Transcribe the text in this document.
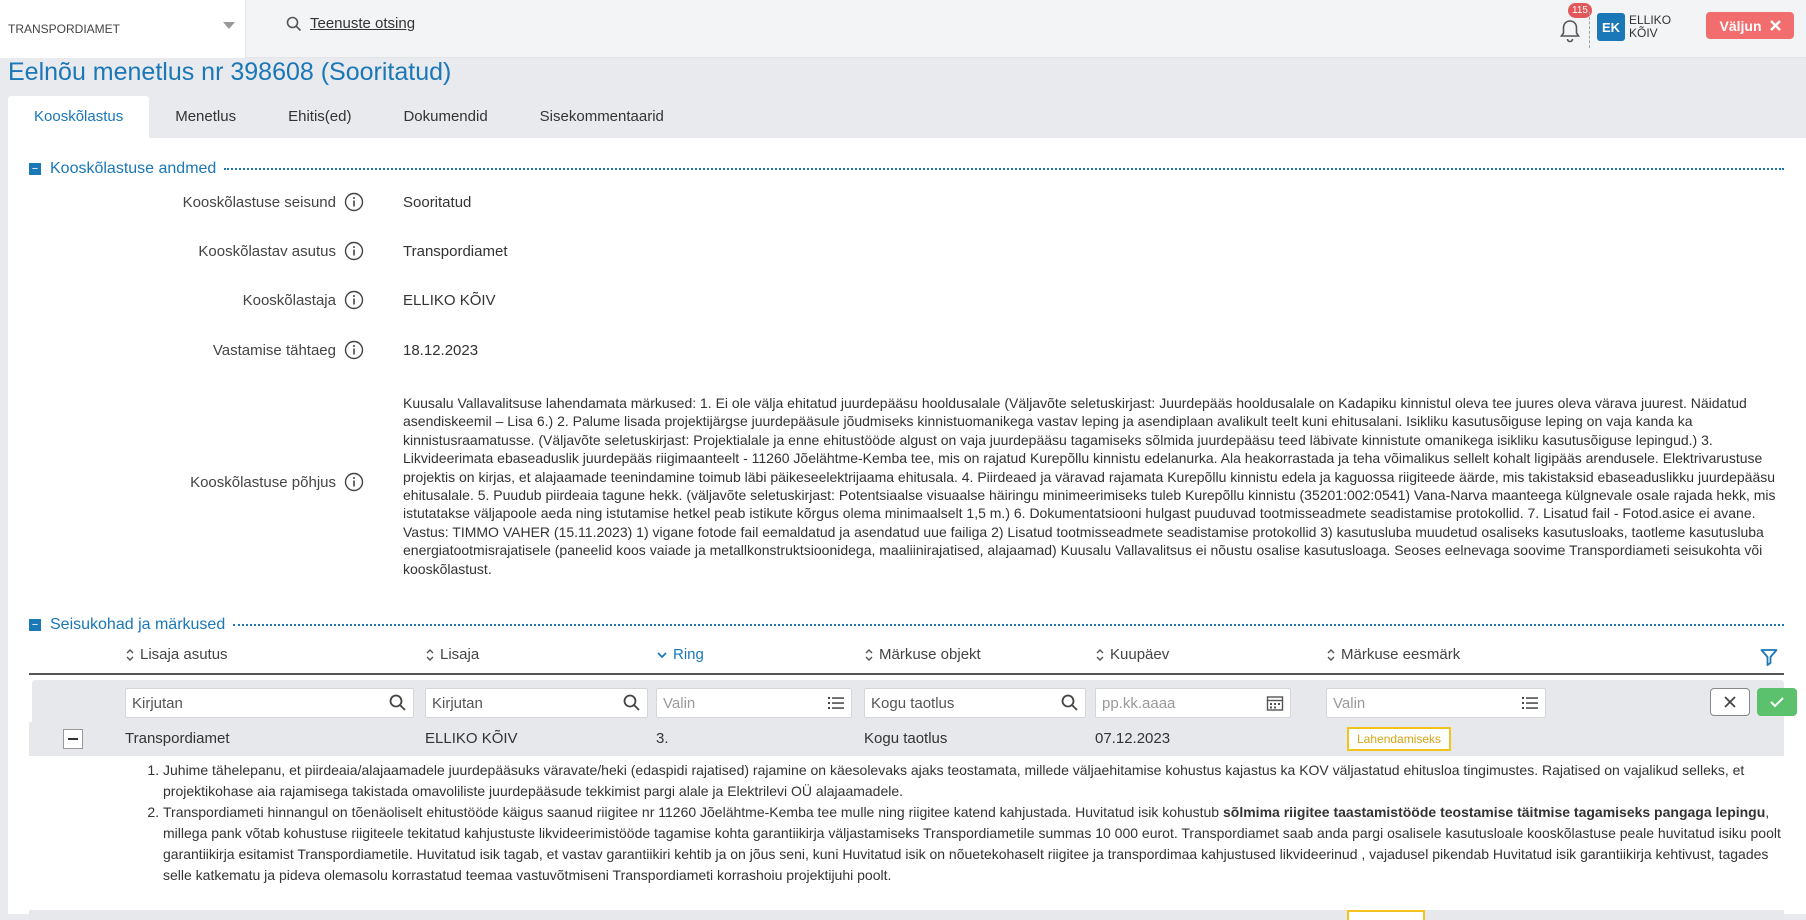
TRANSPORDIAMET	Teenuste otsing
115
EK ELLIKO KÕIV	Väljun
Eelnõu menetlus nr 398608 (Sooritatud)
Kooskõlastus	Menetlus	Ehitis(ed)	Dokumendid	Sisekommentaarid
− Kooskõlastuse andmed
Kooskõlastuse seisund	Sooritatud
Kooskõlastav asutus	Transpordiamet
Kooskõlastaja	ELLIKO KÕIV
Vastamise tähtaeg	18.12.2023
Kooskõlastuse põhjus
Kuusalu Vallavalitsuse lahendamata märkused: 1. Ei ole välja ehitatud juurdepääsu hooldusalale (Väljavõte seletuskirjast: Juurdepääs hooldusalale on Kadapiku kinnistul oleva tee juures oleva värava juurest. Näidatud asendiskeemil – Lisa 6.) 2. Palume lisada projektijärgse juurdepääsule jõudmiseks kinnistuomanikega vastav leping ja asendiplaan avalikult teelt kuni ehitusalani. Isikliku kasutusõiguse leping on vaja kanda ka kinnistusraamatusse. (Väljavõte seletuskirjast: Projektialale ja enne ehitustööde algust on vaja juurdepääsu tagamiseks sõlmida juurdepääsu teed läbivate kinnistute omanikega isikliku kasutusõiguse lepingud.) 3. Likvideerimata ebaseaduslik juurdepääs riigimaanteelt - 11260 Jõelähtme-Kemba tee, mis on rajatud Kurepõllu kinnistu edelanurka. Ala heakorrastada ja teha võimalikus sellelt kohalt ligipääs arendusele. Elektrivarustuse projektis on kirjas, et alajaamade teenindamine toimub läbi päikeseelektrijaama ehitusala. 4. Piirdeaed ja väravad rajamata Kurepõllu kinnistu edela ja kaguossa riigiteede äärde, mis takistaksid ebaseaduslikku juurdepääsu ehitusalale. 5. Puudub piirdeaia tagune hekk. (väljavõte seletuskirjast: Potentsiaalse visuaalse häiringu minimeerimiseks tuleb Kurepõllu kinnistu (35201:002:0541) Vana-Narva maanteega külgnevale osale rajada hekk, mis istutatakse väljapoole aeda ning istutamise hetkel peab istikute kõrgus olema minimaalselt 1,5 m.) 6. Dokumentatsiooni hulgast puuduvad tootmisseadmete seadistamise protokollid. 7. Lisatud fail - Fotod.asice ei avane. Vastus: TIMMO VAHER (15.11.2023) 1) vigane fotode fail eemaldatud ja asendatud uue failiga 2) Lisatud tootmisseadmete seadistamise protokollid 3) kasutusluba muudetud osaliseks kasutusloaks, taotleme kasutusluba energiatootmisrajatisele (paneelid koos vaiade ja metallkonstruktsioonidega, maaliinirajatised, alajaamad) Kuusalu Vallavalitsus ei nõustu osalise kasutusloaga. Seoses eelnevaga soovime Transpordiameti seisukohta või kooskõlastust.
− Seisukohad ja märkused
Lisaja asutus	Lisaja	Ring	Märkuse objekt	Kuupäev	Märkuse eesmärk
Kirjutan	Kirjutan	Valin	Kogu taotlus	pp.kk.aaaa	Valin
Transpordiamet	ELLIKO KÕIV	3.	Kogu taotlus	07.12.2023	Lahendamiseks
1. Juhime tähelepanu, et piirdeaia/alajaamadele juurdepääsuks väravate/heki (edaspidi rajatised) rajamine on käesolevaks ajaks teostamata, millede väljaehitamise kohustus kajastus ka KOV väljastatud ehitusloa tingimustes. Rajatised on vajalikud selleks, et projektikohase aia rajamisega takistada omavoliliste juurdepääsude tekkimist pargi alale ja Elektrilevi OÜ alajaamadele.
2. Transpordiameti hinnangul on tõenäoliselt ehitustööde käigus saanud riigitee nr 11260 Jõelähtme-Kemba tee mulle ning riigitee katend kahjustada. Huvitatud isik kohustub sõlmima riigitee taastamistööde teostamise täitmise tagamiseks pangaga lepingu, millega pank võtab kohustuse riigiteele tekitatud kahjustuste likvideerimistööde tagamise kohta garantiikirja väljastamiseks Transpordiametile summas 10 000 eurot. Transpordiamet saab anda pargi osalisele kasutusloale kooskõlastuse peale huvitatud isiku poolt garantiikirja esitamist Transpordiametile. Huvitatud isik tagab, et vastav garantiikiri kehtib ja on jõus seni, kuni Huvitatud isik on nõuetekohaselt riigitee ja transpordimaa kahjustused likvideerinud , vajadusel pikendab Huvitatud isik garantiikirja kehtivust, tagades selle katkematu ja pideva olemasolu korrastatud teemaa vastuvõtmiseni Transpordiameti korrashoiu projektijuhi poolt.
